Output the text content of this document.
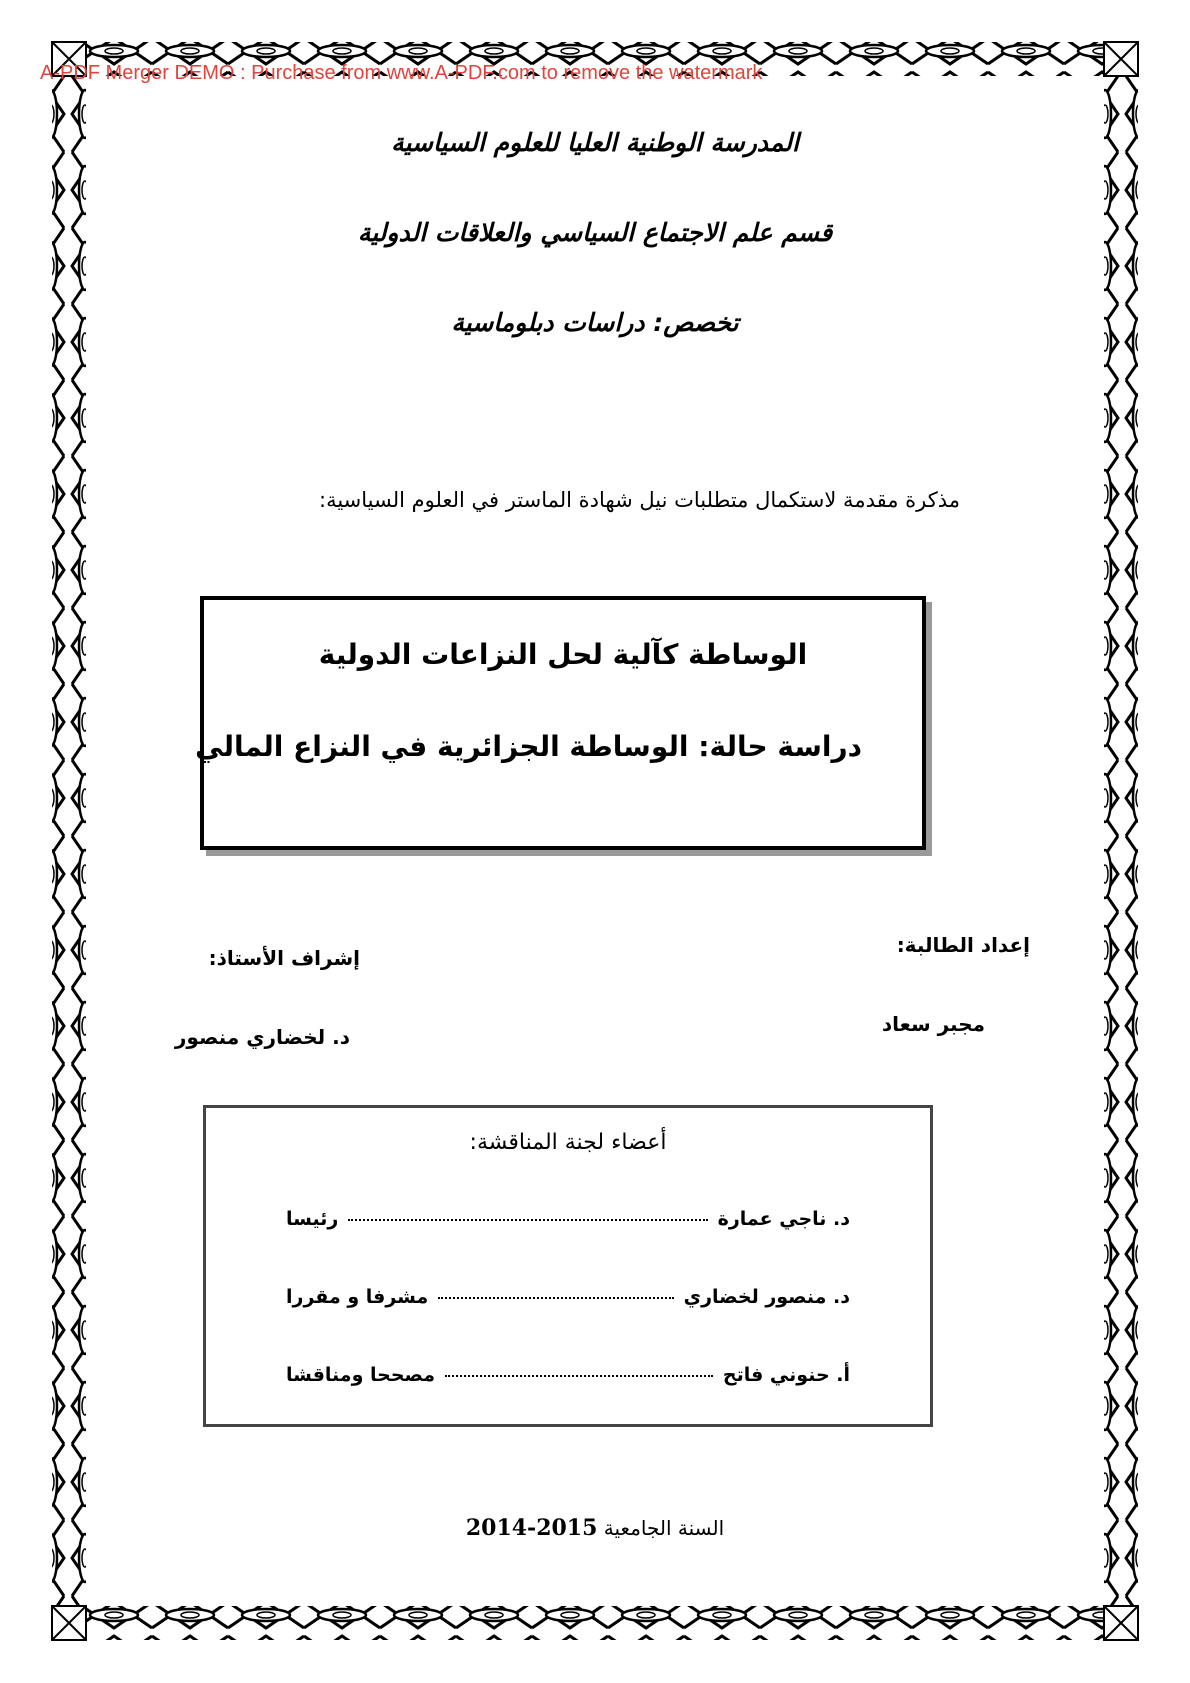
A-PDF Merger DEMO : Purchase from www.A-PDF.com to remove the watermark
المدرسة الوطنية العليا للعلوم السياسية
قسم علم الاجتماع السياسي والعلاقات الدولية
تخصص: دراسات دبلوماسية
مذكرة مقدمة لاستكمال متطلبات نيل شهادة الماستر في العلوم السياسية:
الوساطة كآلية لحل النزاعات الدولية
دراسة حالة: الوساطة الجزائرية في النزاع المالي
إعداد الطالبة:
مجبر سعاد
إشراف الأستاذ:
د. لخضاري منصور
أعضاء لجنة المناقشة:
د. ناجي عمارة
رئيسا
د. منصور لخضاري
مشرفا و مقررا
أ. حنوني فاتح
مصححا ومناقشا
السنة الجامعية 2014-2015
